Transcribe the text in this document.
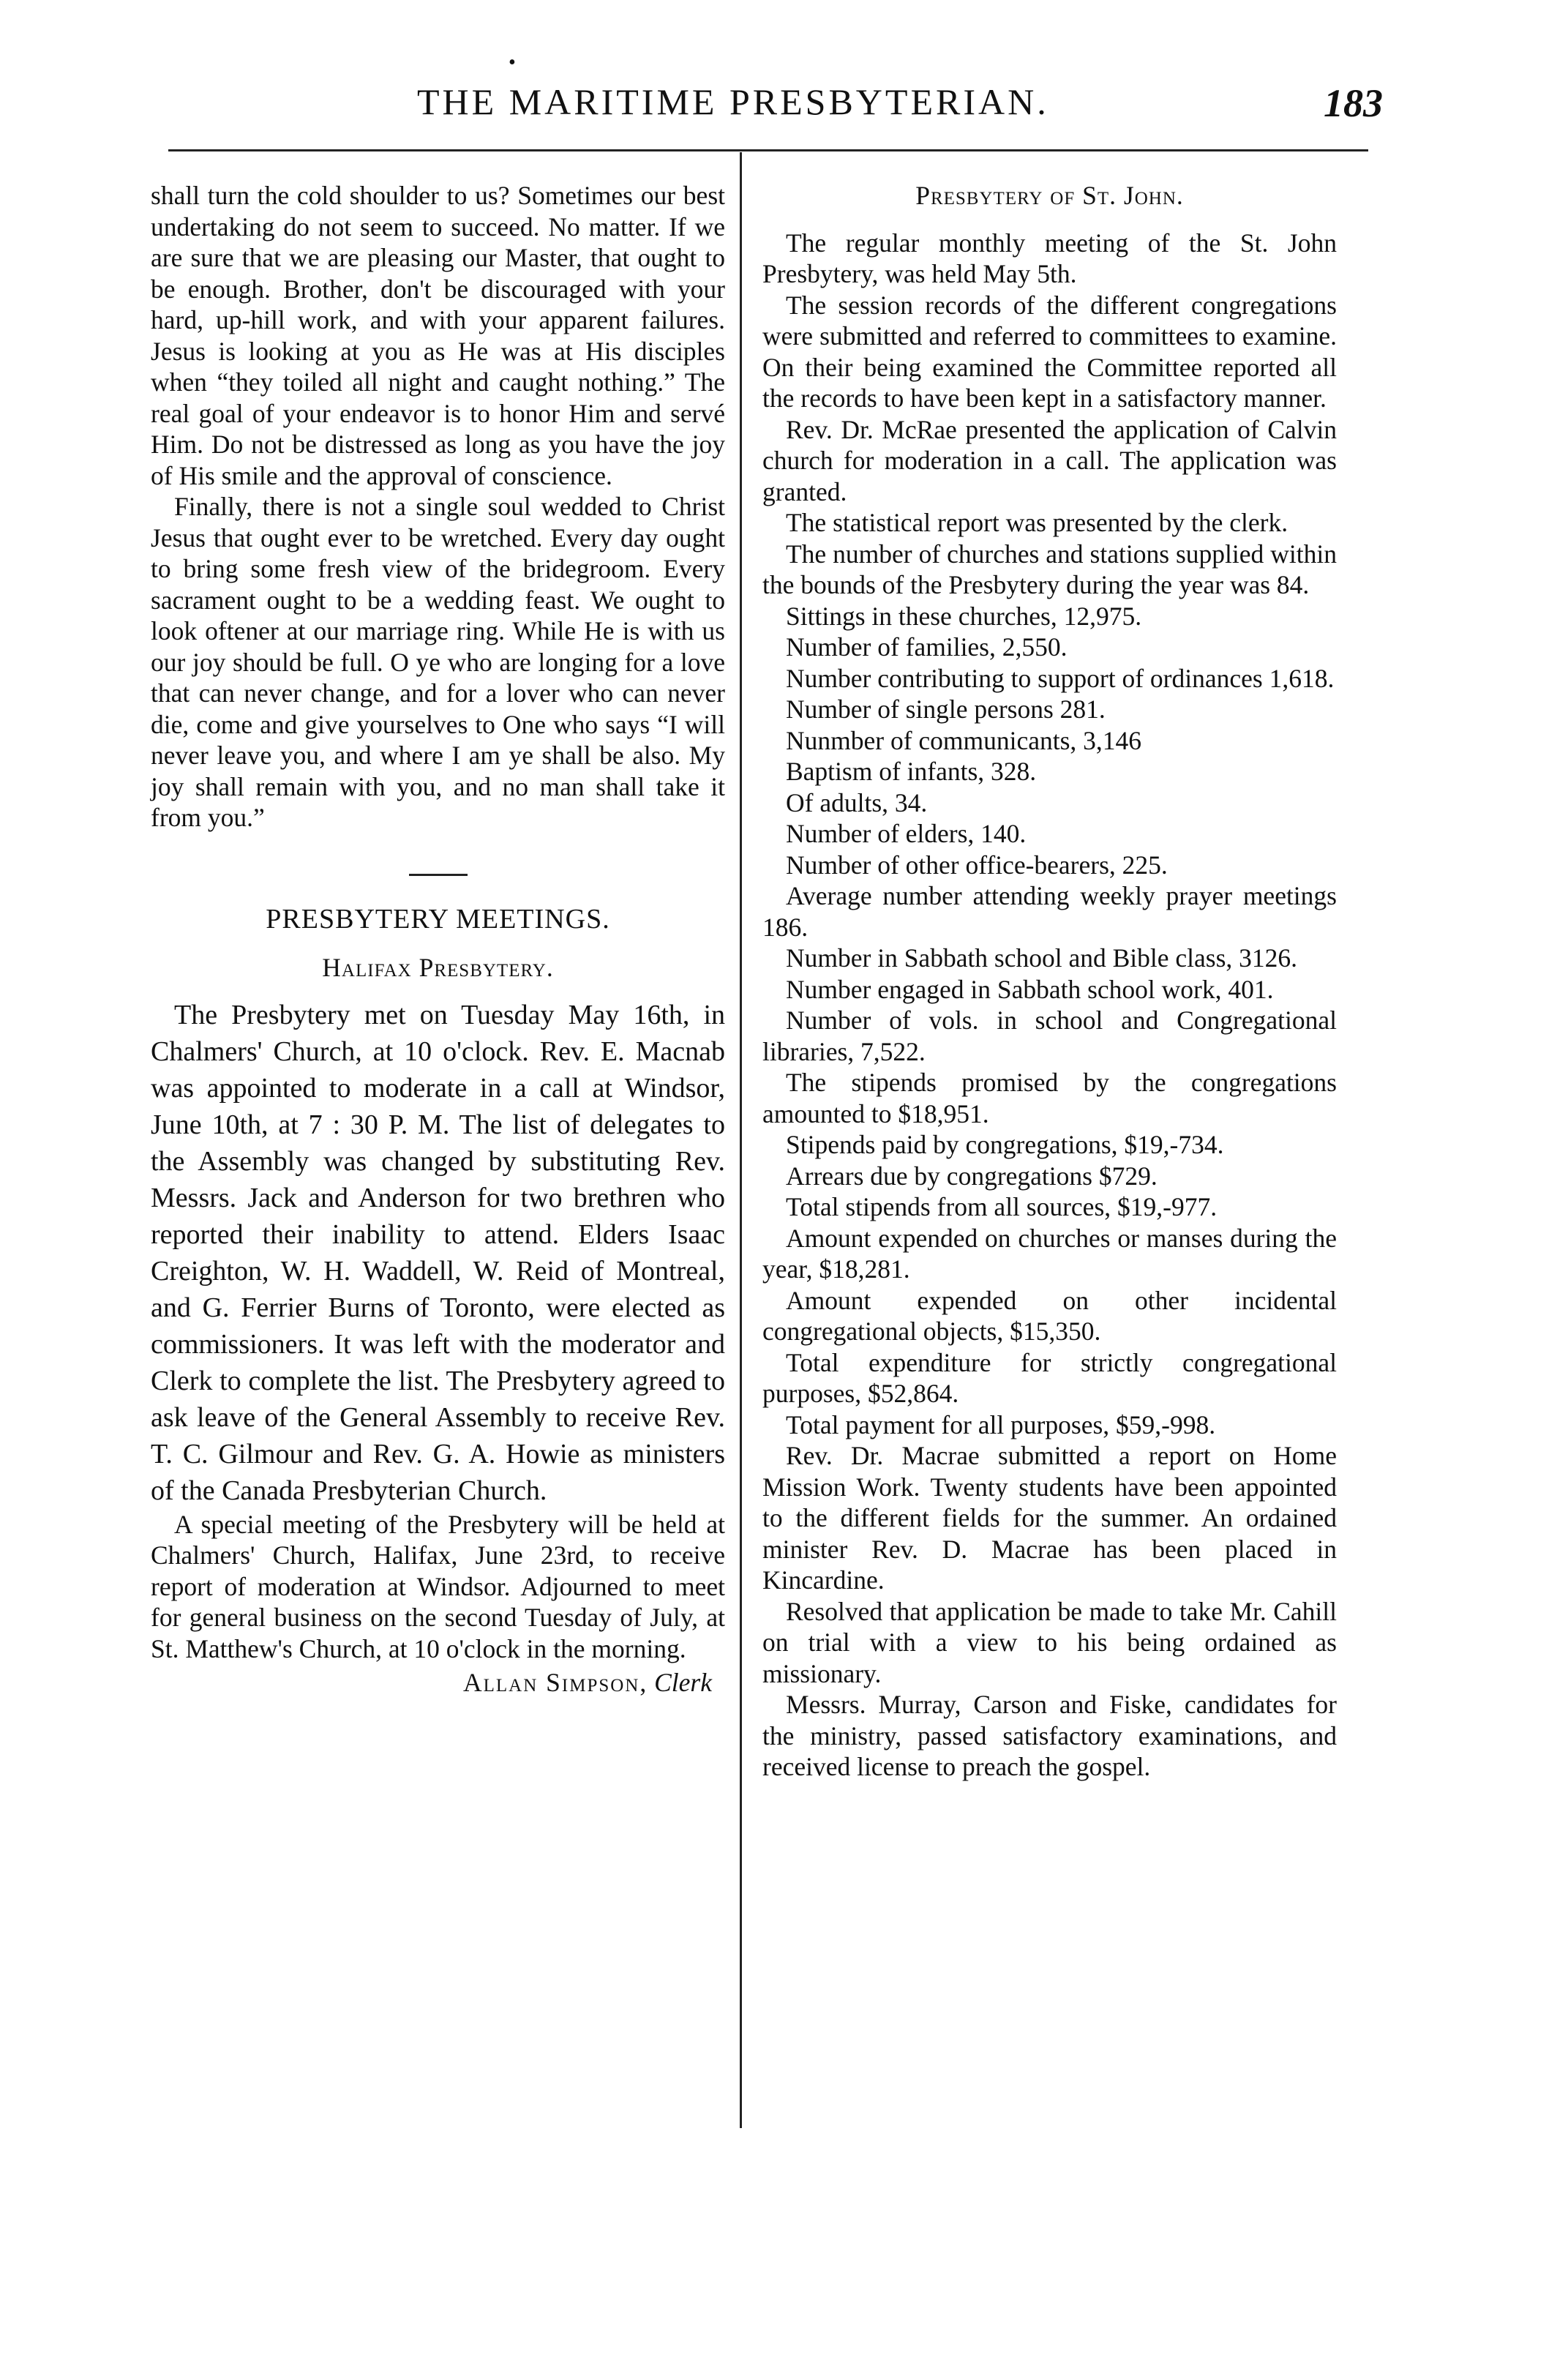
•
THE MARITIME PRESBYTERIAN.	183

shall turn the cold shoulder to us? Sometimes our best undertaking do not seem to succeed. No matter. If we are sure that we are pleasing our Master, that ought to be enough. Brother, don't be discouraged with your hard, up-hill work, and with your apparent failures. Jesus is looking at you as He was at His disciples when “they toiled all night and caught nothing.” The real goal of your endeavor is to honor Him and servé Him. Do not be distressed as long as you have the joy of His smile and the approval of conscience.

Finally, there is not a single soul wedded to Christ Jesus that ought ever to be wretched. Every day ought to bring some fresh view of the bridegroom. Every sacrament ought to be a wedding feast. We ought to look oftener at our marriage ring. While He is with us our joy should be full. O ye who are longing for a love that can never change, and for a lover who can never die, come and give yourselves to One who says “I will never leave you, and where I am ye shall be also. My joy shall remain with you, and no man shall take it from you.”

PRESBYTERY MEETINGS.

Halifax Presbytery.

The Presbytery met on Tuesday May 16th, in Chalmers' Church, at 10 o'clock. Rev. E. Macnab was appointed to moderate in a call at Windsor, June 10th, at 7 : 30 P. M. The list of delegates to the Assembly was changed by substituting Rev. Messrs. Jack and Anderson for two brethren who reported their inability to attend. Elders Isaac Creighton, W. H. Waddell, W. Reid of Montreal, and G. Ferrier Burns of Toronto, were elected as commissioners. It was left with the moderator and Clerk to complete the list. The Presbytery agreed to ask leave of the General Assembly to receive Rev. T. C. Gilmour and Rev. G. A. Howie as ministers of the Canada Presbyterian Church.

A special meeting of the Presbytery will be held at Chalmers' Church, Halifax, June 23rd, to receive report of moderation at Windsor. Adjourned to meet for general business on the second Tuesday of July, at St. Matthew's Church, at 10 o'clock in the morning.

Allan Simpson, Clerk

Presbytery of St. John.

The regular monthly meeting of the St. John Presbytery, was held May 5th.

The session records of the different congregations were submitted and referred to committees to examine. On their being examined the Committee reported all the records to have been kept in a satisfactory manner.

Rev. Dr. McRae presented the application of Calvin church for moderation in a call. The application was granted.

The statistical report was presented by the clerk.

The number of churches and stations supplied within the bounds of the Presbytery during the year was 84.

Sittings in these churches, 12,975.

Number of families, 2,550.

Number contributing to support of ordinances 1,618.

Number of single persons 281.

Nunmber of communicants, 3,146

Baptism of infants, 328.

Of adults, 34.

Number of elders, 140.

Number of other office-bearers, 225.

Average number attending weekly prayer meetings 186.

Number in Sabbath school and Bible class, 3126.

Number engaged in Sabbath school work, 401.

Number of vols. in school and Congregational libraries, 7,522.

The stipends promised by the congregations amounted to $18,951.

Stipends paid by congregations, $19,-734.

Arrears due by congregations $729.

Total stipends from all sources, $19,-977.

Amount expended on churches or manses during the year, $18,281.

Amount expended on other incidental congregational objects, $15,350.

Total expenditure for strictly congregational purposes, $52,864.

Total payment for all purposes, $59,-998.

Rev. Dr. Macrae submitted a report on Home Mission Work. Twenty students have been appointed to the different fields for the summer. An ordained minister Rev. D. Macrae has been placed in Kincardine.

Resolved that application be made to take Mr. Cahill on trial with a view to his being ordained as missionary.

Messrs. Murray, Carson and Fiske, candidates for the ministry, passed satisfactory examinations, and received license to preach the gospel.
